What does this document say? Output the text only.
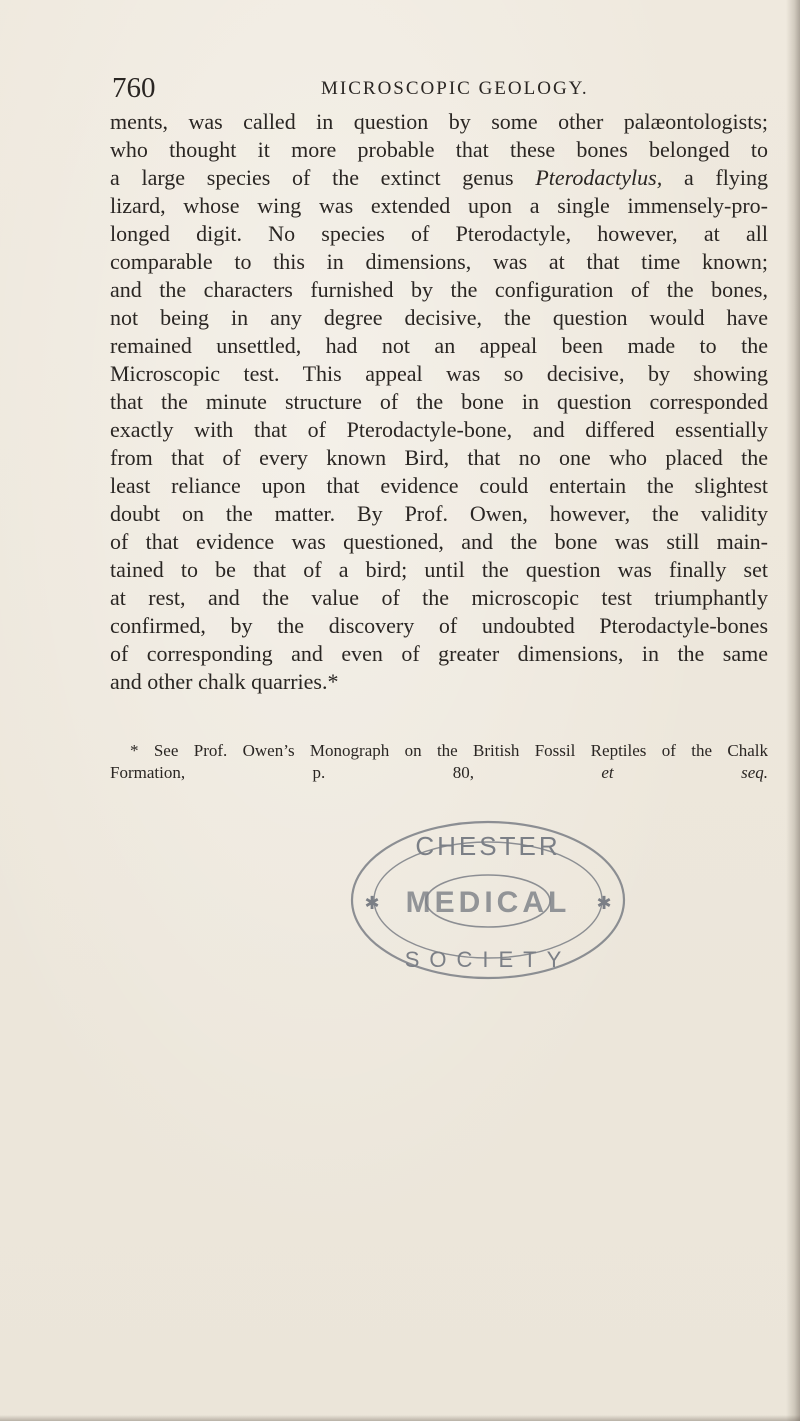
760	MICROSCOPIC GEOLOGY.
ments, was called in question by some other palæontologists;
who thought it more probable that these bones belonged to
a large species of the extinct genus Pterodactylus, a flying
lizard, whose wing was extended upon a single immensely-pro-
longed digit. No species of Pterodactyle, however, at all
comparable to this in dimensions, was at that time known;
and the characters furnished by the configuration of the bones,
not being in any degree decisive, the question would have
remained unsettled, had not an appeal been made to the
Microscopic test. This appeal was so decisive, by showing
that the minute structure of the bone in question corresponded
exactly with that of Pterodactyle-bone, and differed essentially
from that of every known Bird, that no one who placed the
least reliance upon that evidence could entertain the slightest
doubt on the matter. By Prof. Owen, however, the validity
of that evidence was questioned, and the bone was still main-
tained to be that of a bird; until the question was finally set
at rest, and the value of the microscopic test triumphantly
confirmed, by the discovery of undoubted Pterodactyle-bones
of corresponding and even of greater dimensions, in the same
and other chalk quarries.*
* See Prof. Owen’s Monograph on the British Fossil Reptiles of the Chalk
Formation, p. 80, et seq.
CHESTER
MEDICAL
SOCIETY
✱	✱
